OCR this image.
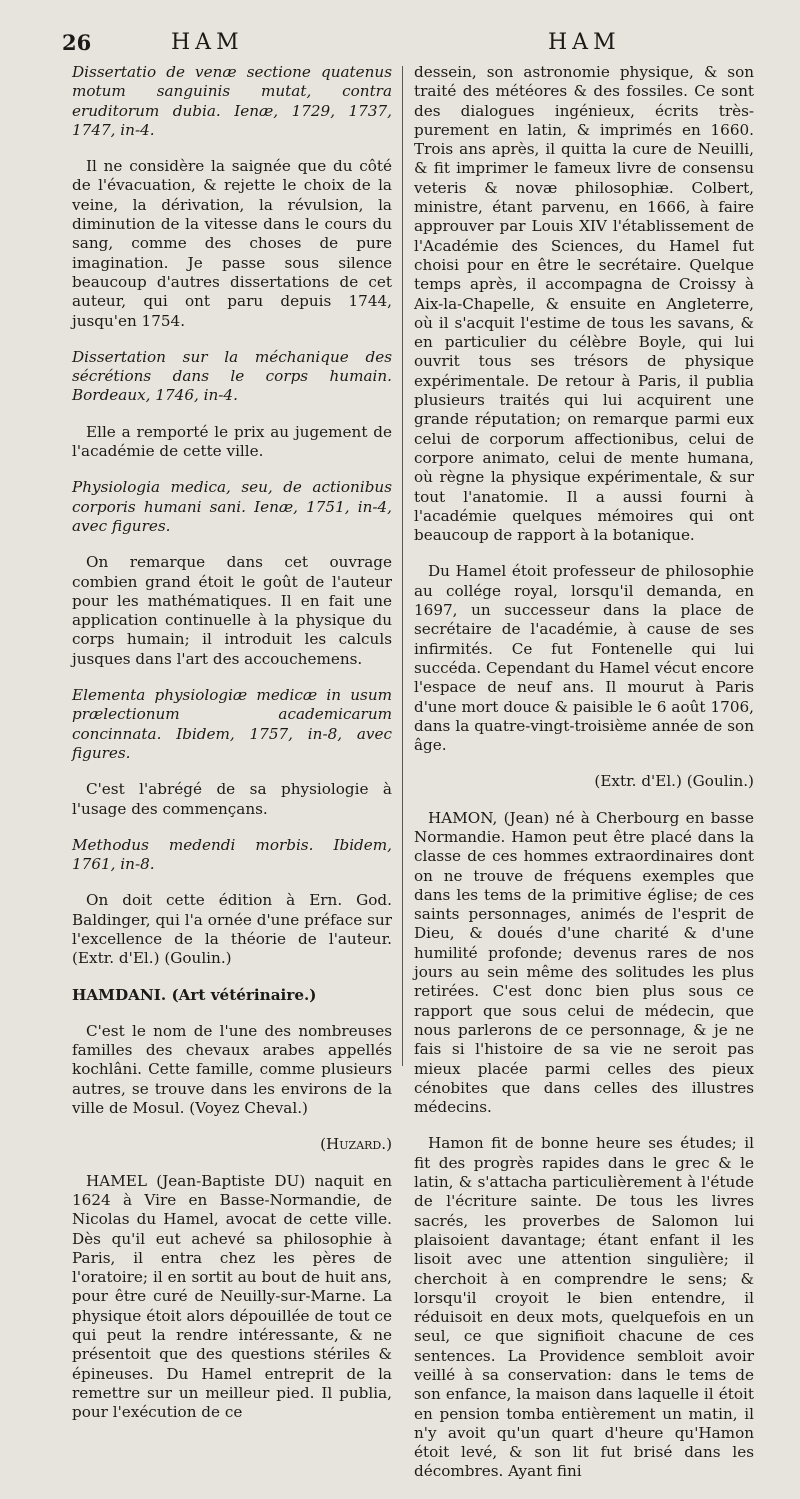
26	HAM	HAM

Dissertatio de venæ sectione quatenus motum sanguinis mutat, contra eruditorum dubia. Ienæ, 1729, 1737, 1747, in-4.

Il ne considère la saignée que du côté de l'évacuation, & rejette le choix de la veine, la dérivation, la révulsion, la diminution de la vitesse dans le cours du sang, comme des choses de pure imagination. Je passe sous silence beaucoup d'autres dissertations de cet auteur, qui ont paru depuis 1744, jusqu'en 1754.

Dissertation sur la méchanique des sécrétions dans le corps humain. Bordeaux, 1746, in-4.

Elle a remporté le prix au jugement de l'académie de cette ville.

Physiologia medica, seu, de actionibus corporis humani sani. Ienæ, 1751, in-4, avec figures.

On remarque dans cet ouvrage combien grand étoit le goût de l'auteur pour les mathématiques. Il en fait une application continuelle à la physique du corps humain; il introduit les calculs jusques dans l'art des accouchemens.

Elementa physiologiæ medicæ in usum prælectionum academicarum concinnata. Ibidem, 1757, in-8, avec figures.

C'est l'abrégé de sa physiologie à l'usage des commençans.

Methodus medendi morbis. Ibidem, 1761, in-8.

On doit cette édition à Ern. God. Baldinger, qui l'a ornée d'une préface sur l'excellence de la théorie de l'auteur. (Extr. d'El.) (Goulin.)

HAMDANI. (Art vétérinaire.)

C'est le nom de l'une des nombreuses familles des chevaux arabes appellés kochlâni. Cette famille, comme plusieurs autres, se trouve dans les environs de la ville de Mosul. (Voyez Cheval.)

(Huzard.)

HAMEL (Jean-Baptiste DU) naquit en 1624 à Vire en Basse-Normandie, de Nicolas du Hamel, avocat de cette ville. Dès qu'il eut achevé sa philosophie à Paris, il entra chez les pères de l'oratoire; il en sortit au bout de huit ans, pour être curé de Neuilly-sur-Marne. La physique étoit alors dépouillée de tout ce qui peut la rendre intéressante, & ne présentoit que des questions stériles & épineuses. Du Hamel entreprit de la remettre sur un meilleur pied. Il publia, pour l'exécution de ce

dessein, son astronomie physique, & son traité des météores & des fossiles. Ce sont des dialogues ingénieux, écrits très-purement en latin, & imprimés en 1660. Trois ans après, il quitta la cure de Neuilli, & fit imprimer le fameux livre de consensu veteris & novæ philosophiæ. Colbert, ministre, étant parvenu, en 1666, à faire approuver par Louis XIV l'établissement de l'Académie des Sciences, du Hamel fut choisi pour en être le secrétaire. Quelque temps après, il accompagna de Croissy à Aix-la-Chapelle, & ensuite en Angleterre, où il s'acquit l'estime de tous les savans, & en particulier du célèbre Boyle, qui lui ouvrit tous ses trésors de physique expérimentale. De retour à Paris, il publia plusieurs traités qui lui acquirent une grande réputation; on remarque parmi eux celui de corporum affectionibus, celui de corpore animato, celui de mente humana, où règne la physique expérimentale, & sur tout l'anatomie. Il a aussi fourni à l'académie quelques mémoires qui ont beaucoup de rapport à la botanique.

Du Hamel étoit professeur de philosophie au collége royal, lorsqu'il demanda, en 1697, un successeur dans la place de secrétaire de l'académie, à cause de ses infirmités. Ce fut Fontenelle qui lui succéda. Cependant du Hamel vécut encore l'espace de neuf ans. Il mourut à Paris d'une mort douce & paisible le 6 août 1706, dans la quatre-vingt-troisième année de son âge.

(Extr. d'El.) (Goulin.)

HAMON, (Jean) né à Cherbourg en basse Normandie. Hamon peut être placé dans la classe de ces hommes extraordinaires dont on ne trouve de fréquens exemples que dans les tems de la primitive église; de ces saints personnages, animés de l'esprit de Dieu, & doués d'une charité & d'une humilité profonde; devenus rares de nos jours au sein même des solitudes les plus retirées. C'est donc bien plus sous ce rapport que sous celui de médecin, que nous parlerons de ce personnage, & je ne fais si l'histoire de sa vie ne seroit pas mieux placée parmi celles des pieux cénobites que dans celles des illustres médecins.

Hamon fit de bonne heure ses études; il fit des progrès rapides dans le grec & le latin, & s'attacha particulièrement à l'étude de l'écriture sainte. De tous les livres sacrés, les proverbes de Salomon lui plaisoient davantage; étant enfant il les lisoit avec une attention singulière; il cherchoit à en comprendre le sens; & lorsqu'il croyoit le bien entendre, il réduisoit en deux mots, quelquefois en un seul, ce que signifioit chacune de ces sentences. La Providence sembloit avoir veillé à sa conservation: dans le tems de son enfance, la maison dans laquelle il étoit en pension tomba entièrement un matin, il n'y avoit qu'un quart d'heure qu'Hamon étoit levé, & son lit fut brisé dans les décombres. Ayant fini
